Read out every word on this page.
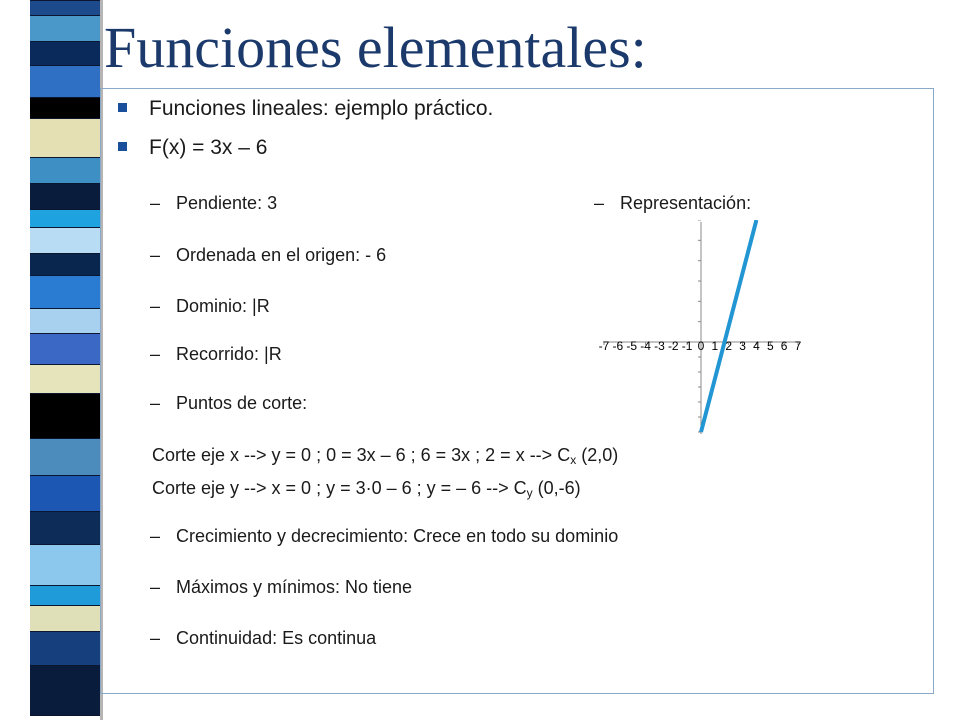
Funciones elementales:
Funciones lineales: ejemplo práctico.
F(x) = 3x – 6
– Pendiente: 3
– Ordenada en el origen: - 6
– Dominio: |R
– Recorrido: |R
– Puntos de corte:
– Representación:
-7 -6 -5 -4 -3 -2 -1 0 1 2 3 4 5 6 7
Corte eje x --> y = 0 ; 0 = 3x – 6 ; 6 = 3x ; 2 = x --> $C_x$ (2,0)
Corte eje y --> x = 0 ; y = 3·0 – 6 ; y = – 6 --> $C_y$ (0,-6)
– Crecimiento y decrecimiento: Crece en todo su dominio
– Máximos y mínimos: No tiene
– Continuidad: Es continua
